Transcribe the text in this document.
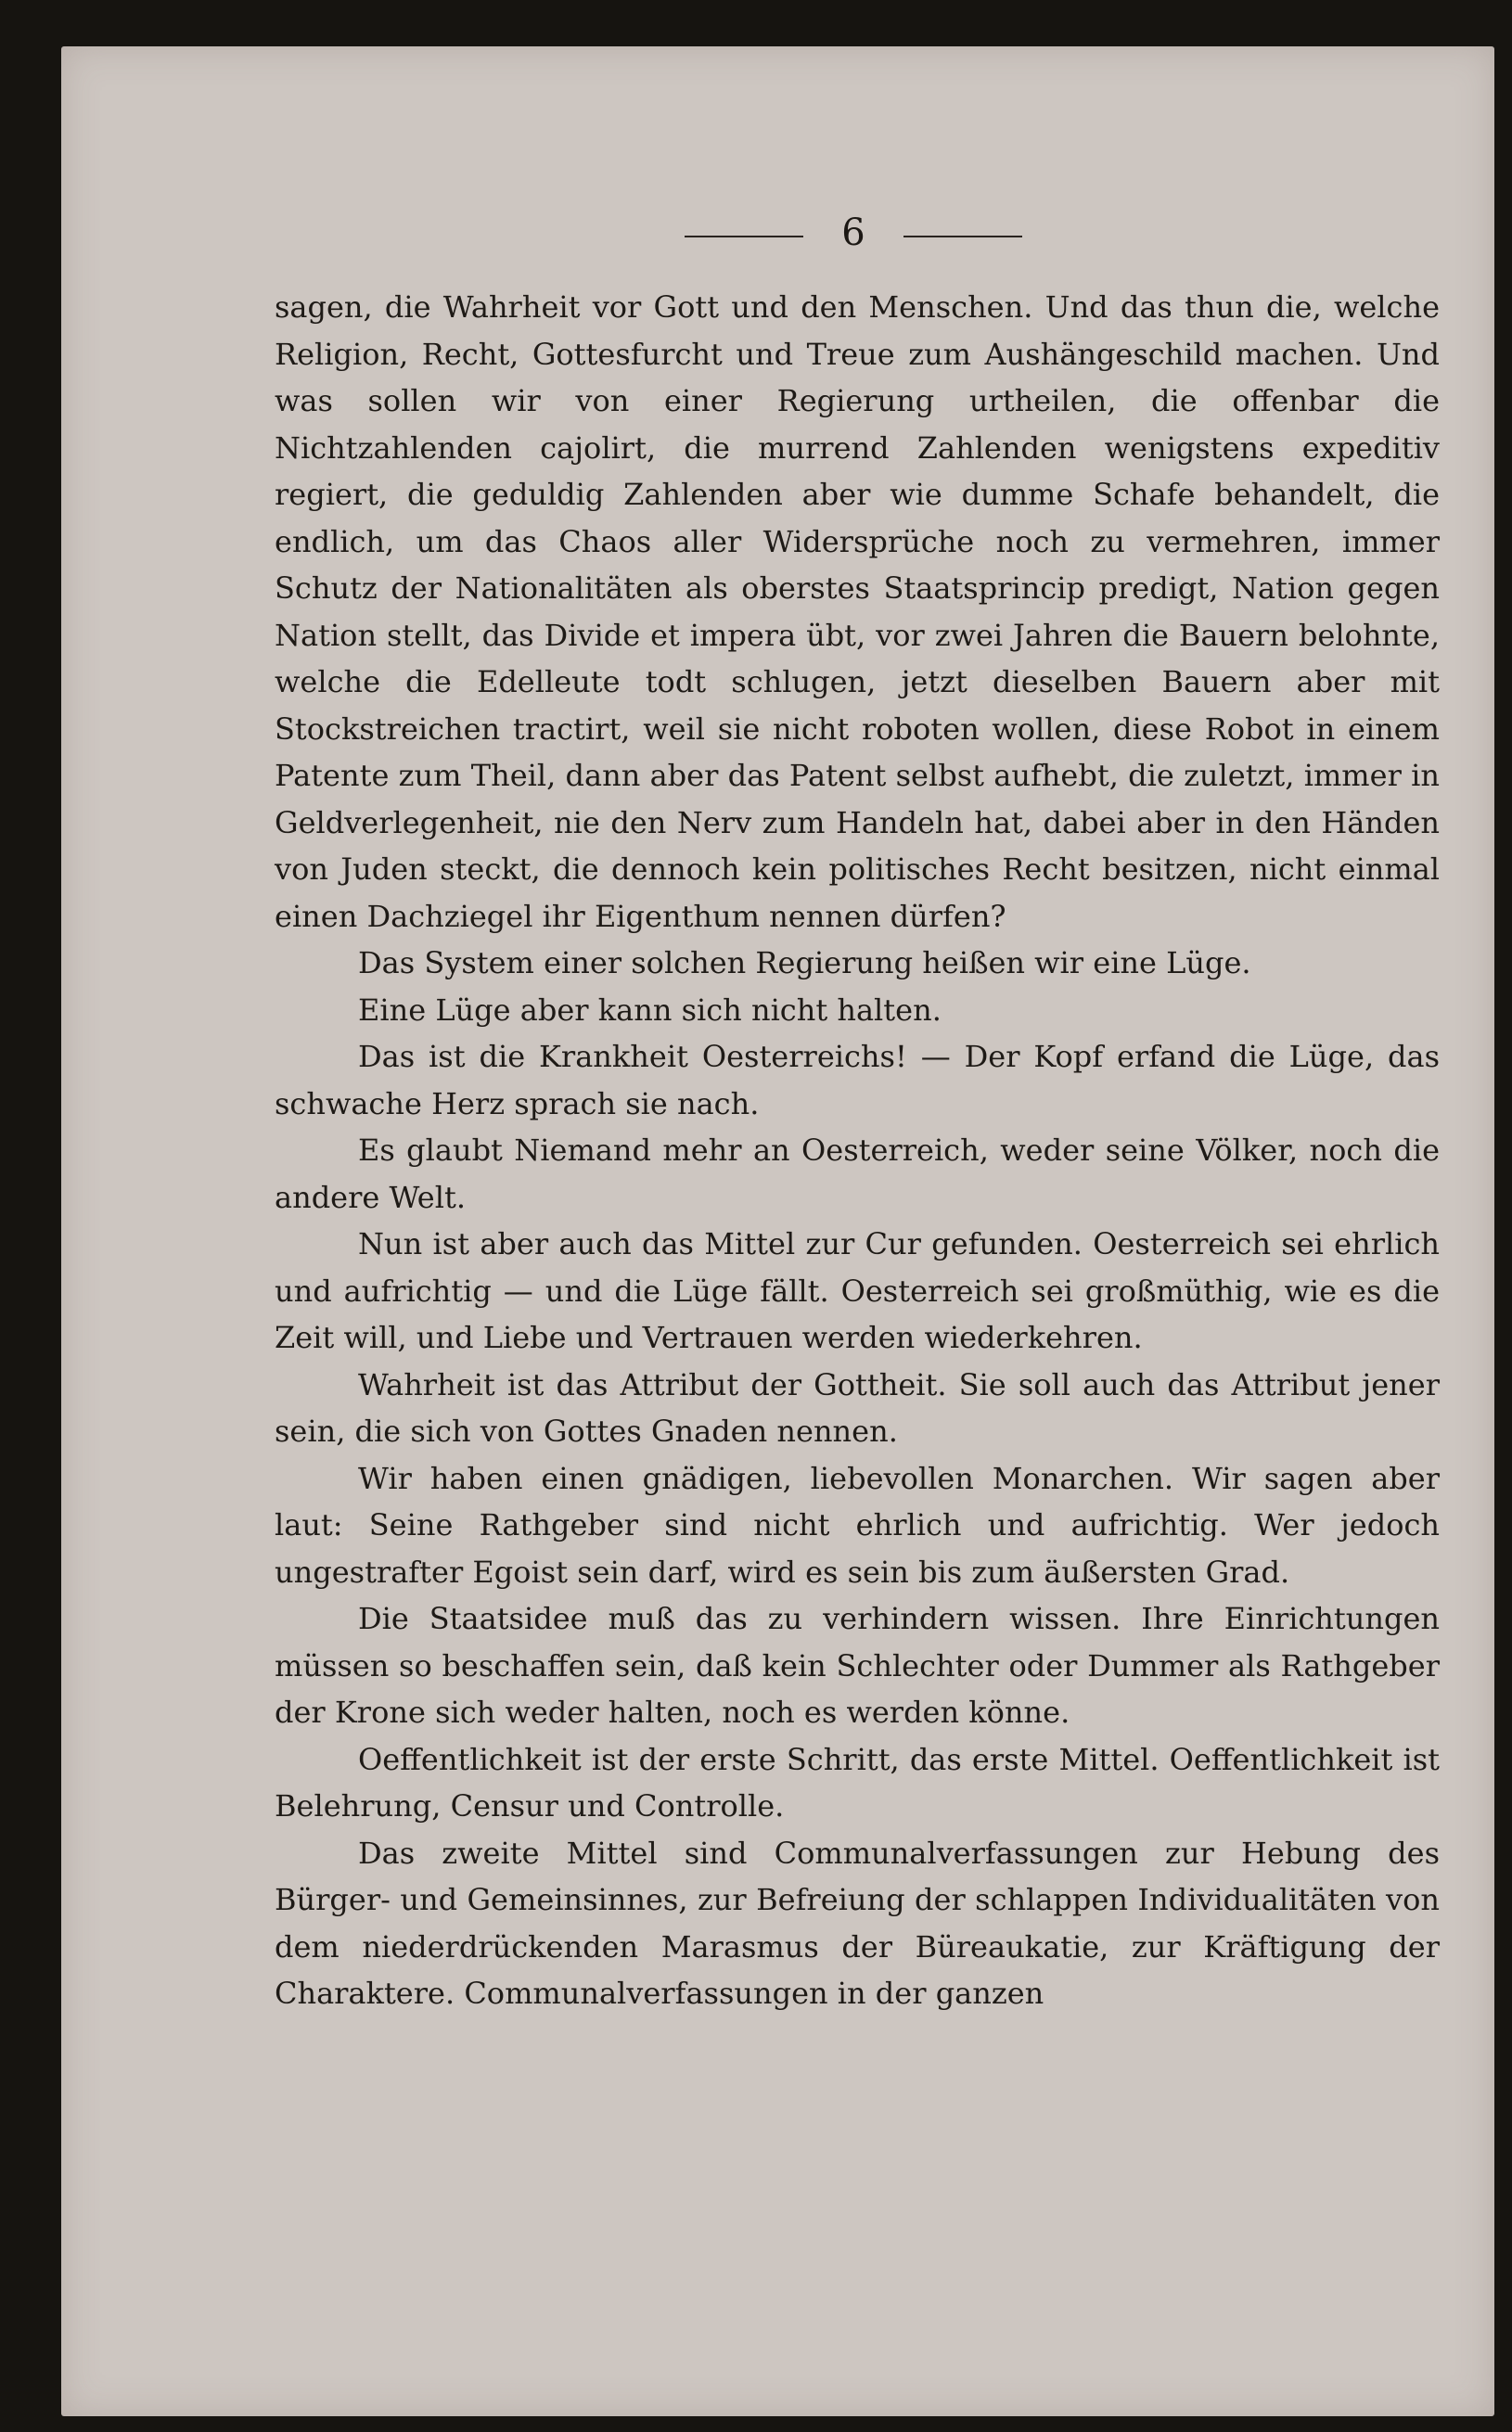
6

sagen, die Wahrheit vor Gott und den Menschen. Und das thun die, welche Religion, Recht, Gottesfurcht und Treue zum Aushängeschild machen. Und was sollen wir von einer Regierung urtheilen, die offenbar die Nichtzahlenden cajolirt, die murrend Zahlenden wenigstens expeditiv regiert, die geduldig Zahlenden aber wie dumme Schafe behandelt, die endlich, um das Chaos aller Widersprüche noch zu vermehren, immer Schutz der Nationalitäten als oberstes Staatsprincip predigt, Nation gegen Nation stellt, das Divide et impera übt, vor zwei Jahren die Bauern belohnte, welche die Edelleute todt schlugen, jetzt dieselben Bauern aber mit Stockstreichen tractirt, weil sie nicht roboten wollen, diese Robot in einem Patente zum Theil, dann aber das Patent selbst aufhebt, die zuletzt, immer in Geldverlegenheit, nie den Nerv zum Handeln hat, dabei aber in den Händen von Juden steckt, die dennoch kein politisches Recht besitzen, nicht einmal einen Dachziegel ihr Eigenthum nennen dürfen?

Das System einer solchen Regierung heißen wir eine Lüge.

Eine Lüge aber kann sich nicht halten.

Das ist die Krankheit Oesterreichs! — Der Kopf erfand die Lüge, das schwache Herz sprach sie nach.

Es glaubt Niemand mehr an Oesterreich, weder seine Völker, noch die andere Welt.

Nun ist aber auch das Mittel zur Cur gefunden. Oesterreich sei ehrlich und aufrichtig — und die Lüge fällt. Oesterreich sei großmüthig, wie es die Zeit will, und Liebe und Vertrauen werden wiederkehren.

Wahrheit ist das Attribut der Gottheit. Sie soll auch das Attribut jener sein, die sich von Gottes Gnaden nennen.

Wir haben einen gnädigen, liebevollen Monarchen. Wir sagen aber laut: Seine Rathgeber sind nicht ehrlich und aufrichtig. Wer jedoch ungestrafter Egoist sein darf, wird es sein bis zum äußersten Grad.

Die Staatsidee muß das zu verhindern wissen. Ihre Einrichtungen müssen so beschaffen sein, daß kein Schlechter oder Dummer als Rathgeber der Krone sich weder halten, noch es werden könne.

Oeffentlichkeit ist der erste Schritt, das erste Mittel. Oeffentlichkeit ist Belehrung, Censur und Controlle.

Das zweite Mittel sind Communalverfassungen zur Hebung des Bürger- und Gemeinsinnes, zur Befreiung der schlappen Individualitäten von dem niederdrückenden Marasmus der Büreaukatie, zur Kräftigung der Charaktere. Communalverfassungen in der ganzen
